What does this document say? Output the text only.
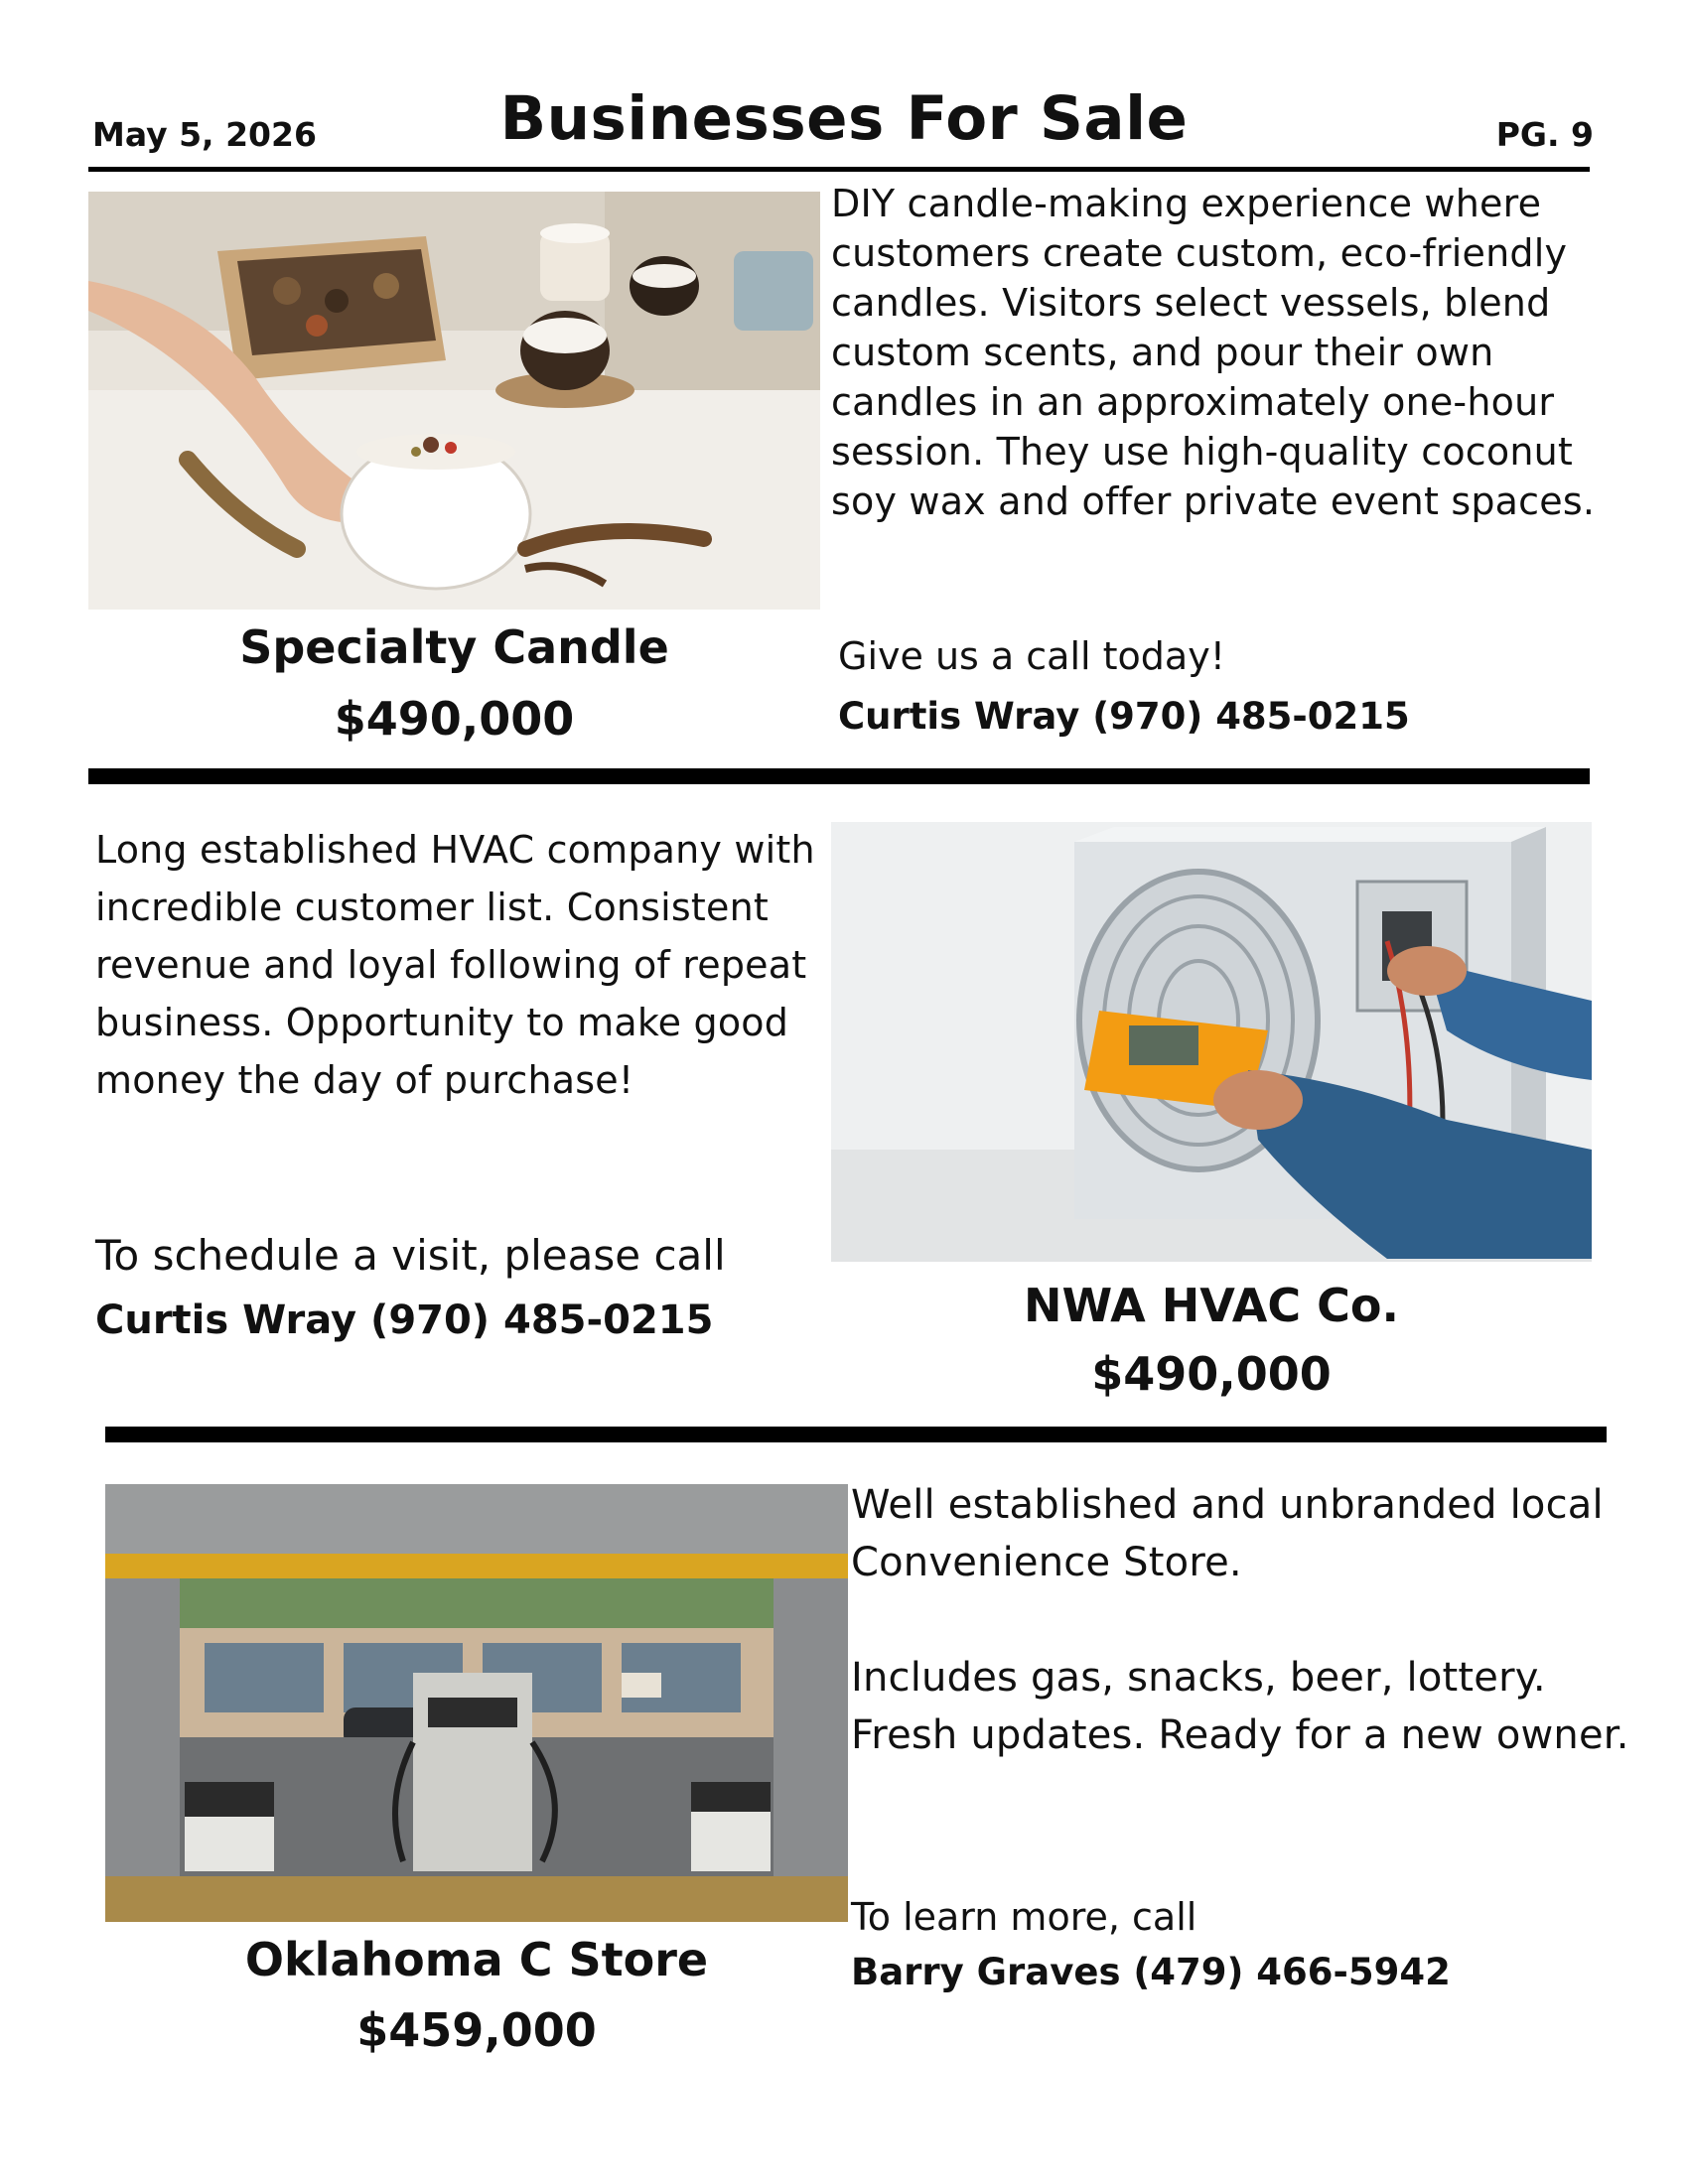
May 5, 2026	Businesses For Sale	PG. 9

DIY candle-making experience where customers create custom, eco-friendly candles. Visitors select vessels, blend custom scents, and pour their own candles in an approximately one-hour session. They use high-quality coconut soy wax and offer private event spaces.

Give us a call today!
Curtis Wray (970) 485-0215
Specialty Candle
$490,000

Long established HVAC company with incredible customer list. Consistent revenue and loyal following of repeat business. Opportunity to make good money the day of purchase!

To schedule a visit, please call
Curtis Wray (970) 485-0215	NWA HVAC Co.
$490,000

Well established and unbranded local Convenience Store.

Includes gas, snacks, beer, lottery. Fresh updates. Ready for a new owner.

To learn more, call
Barry Graves (479) 466-5942
Oklahoma C Store
$459,000
